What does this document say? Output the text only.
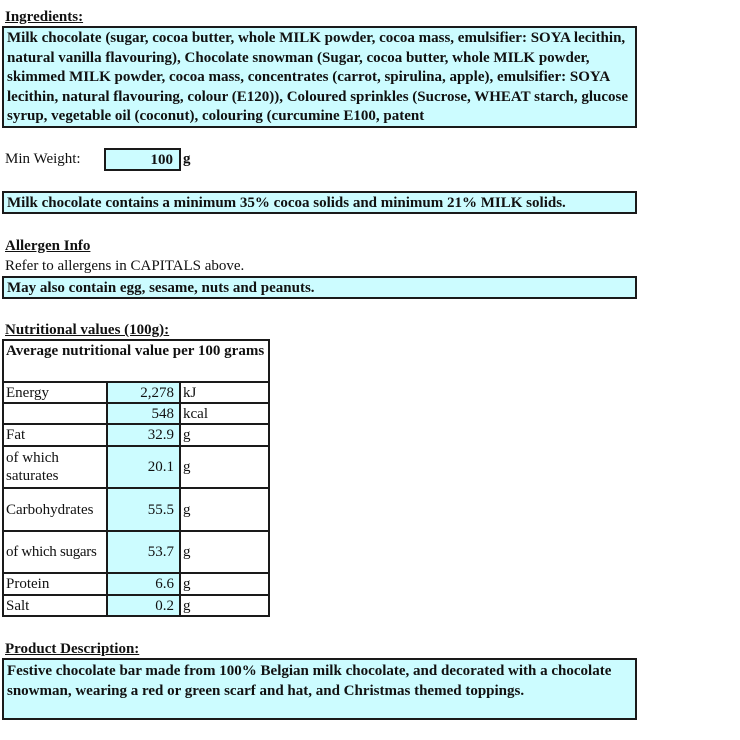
Ingredients:
Milk chocolate (sugar, cocoa butter, whole MILK powder, cocoa mass, emulsifier: SOYA lecithin, natural vanilla flavouring), Chocolate snowman (Sugar, cocoa butter, whole MILK powder, skimmed MILK powder, cocoa mass, concentrates (carrot, spirulina, apple), emulsifier: SOYA lecithin, natural flavouring, colour (E120)), Coloured sprinkles (Sucrose, WHEAT starch, glucose syrup, vegetable oil (coconut), colouring (curcumine E100, patent
Min Weight:	100 g
Milk chocolate contains a minimum 35% cocoa solids and minimum 21% MILK solids.
Allergen Info
Refer to allergens in CAPITALS above.
May also contain egg, sesame, nuts and peanuts.
Nutritional values (100g):
Average nutritional value per 100 grams		
Energy	2,278	kJ
	548	kcal
Fat	32.9	g
of which saturates	20.1	g
Carbohydrates	55.5	g
of which sugars	53.7	g
Protein	6.6	g
Salt	0.2	g
Product Description:
Festive chocolate bar made from 100% Belgian milk chocolate, and decorated with a chocolate snowman, wearing a red or green scarf and hat, and Christmas themed toppings.
